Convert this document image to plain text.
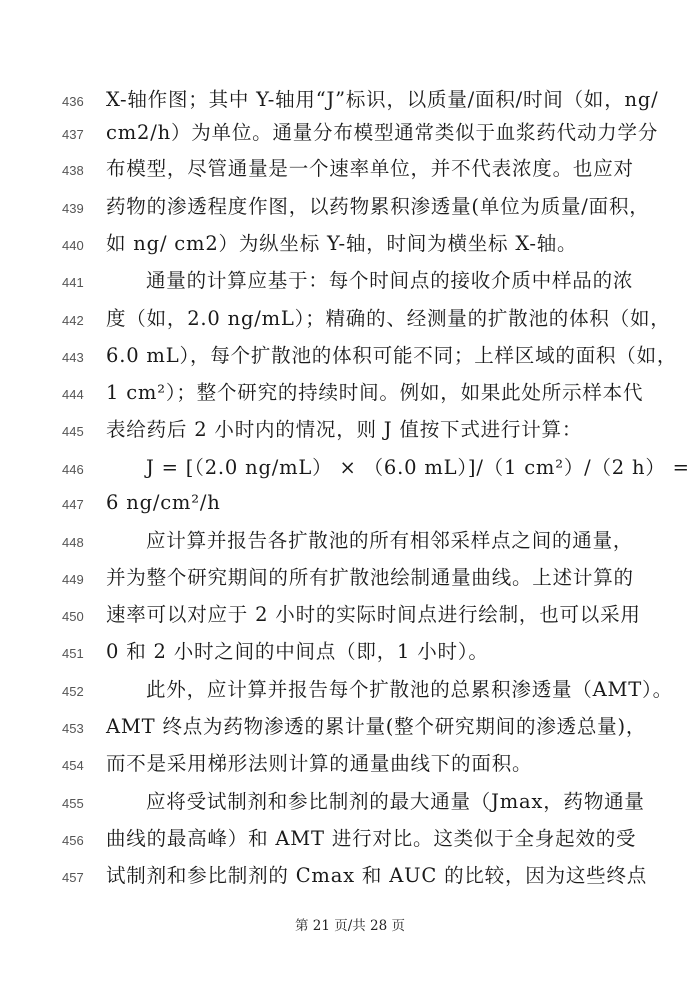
436	X-轴作图；其中 Y-轴用“J”标识，以质量/面积/时间（如，ng/
437	cm2/h）为单位。通量分布模型通常类似于血浆药代动力学分
438	布模型，尽管通量是一个速率单位，并不代表浓度。也应对
439	药物的渗透程度作图，以药物累积渗透量(单位为质量/面积，
440	如 ng/ cm2）为纵坐标 Y-轴，时间为横坐标 X-轴。
441	通量的计算应基于：每个时间点的接收介质中样品的浓
442	度（如，2.0 ng/mL）；精确的、经测量的扩散池的体积（如，
443	6.0 mL），每个扩散池的体积可能不同；上样区域的面积（如，
444	1 cm²）；整个研究的持续时间。例如，如果此处所示样本代
445	表给药后 2 小时内的情况，则 J 值按下式进行计算：
446	J = [（2.0 ng/mL） × （6.0 mL）]/（1 cm²）/（2 h） =
447	6 ng/cm²/h
448	应计算并报告各扩散池的所有相邻采样点之间的通量，
449	并为整个研究期间的所有扩散池绘制通量曲线。上述计算的
450	速率可以对应于 2 小时的实际时间点进行绘制，也可以采用
451	0 和 2 小时之间的中间点（即，1 小时）。
452	此外，应计算并报告每个扩散池的总累积渗透量（AMT）。
453	AMT 终点为药物渗透的累计量(整个研究期间的渗透总量)，
454	而不是采用梯形法则计算的通量曲线下的面积。
455	应将受试制剂和参比制剂的最大通量（Jmax，药物通量
456	曲线的最高峰）和 AMT 进行对比。这类似于全身起效的受
457	试制剂和参比制剂的 Cmax 和 AUC 的比较，因为这些终点
第 21 页/共 28 页
